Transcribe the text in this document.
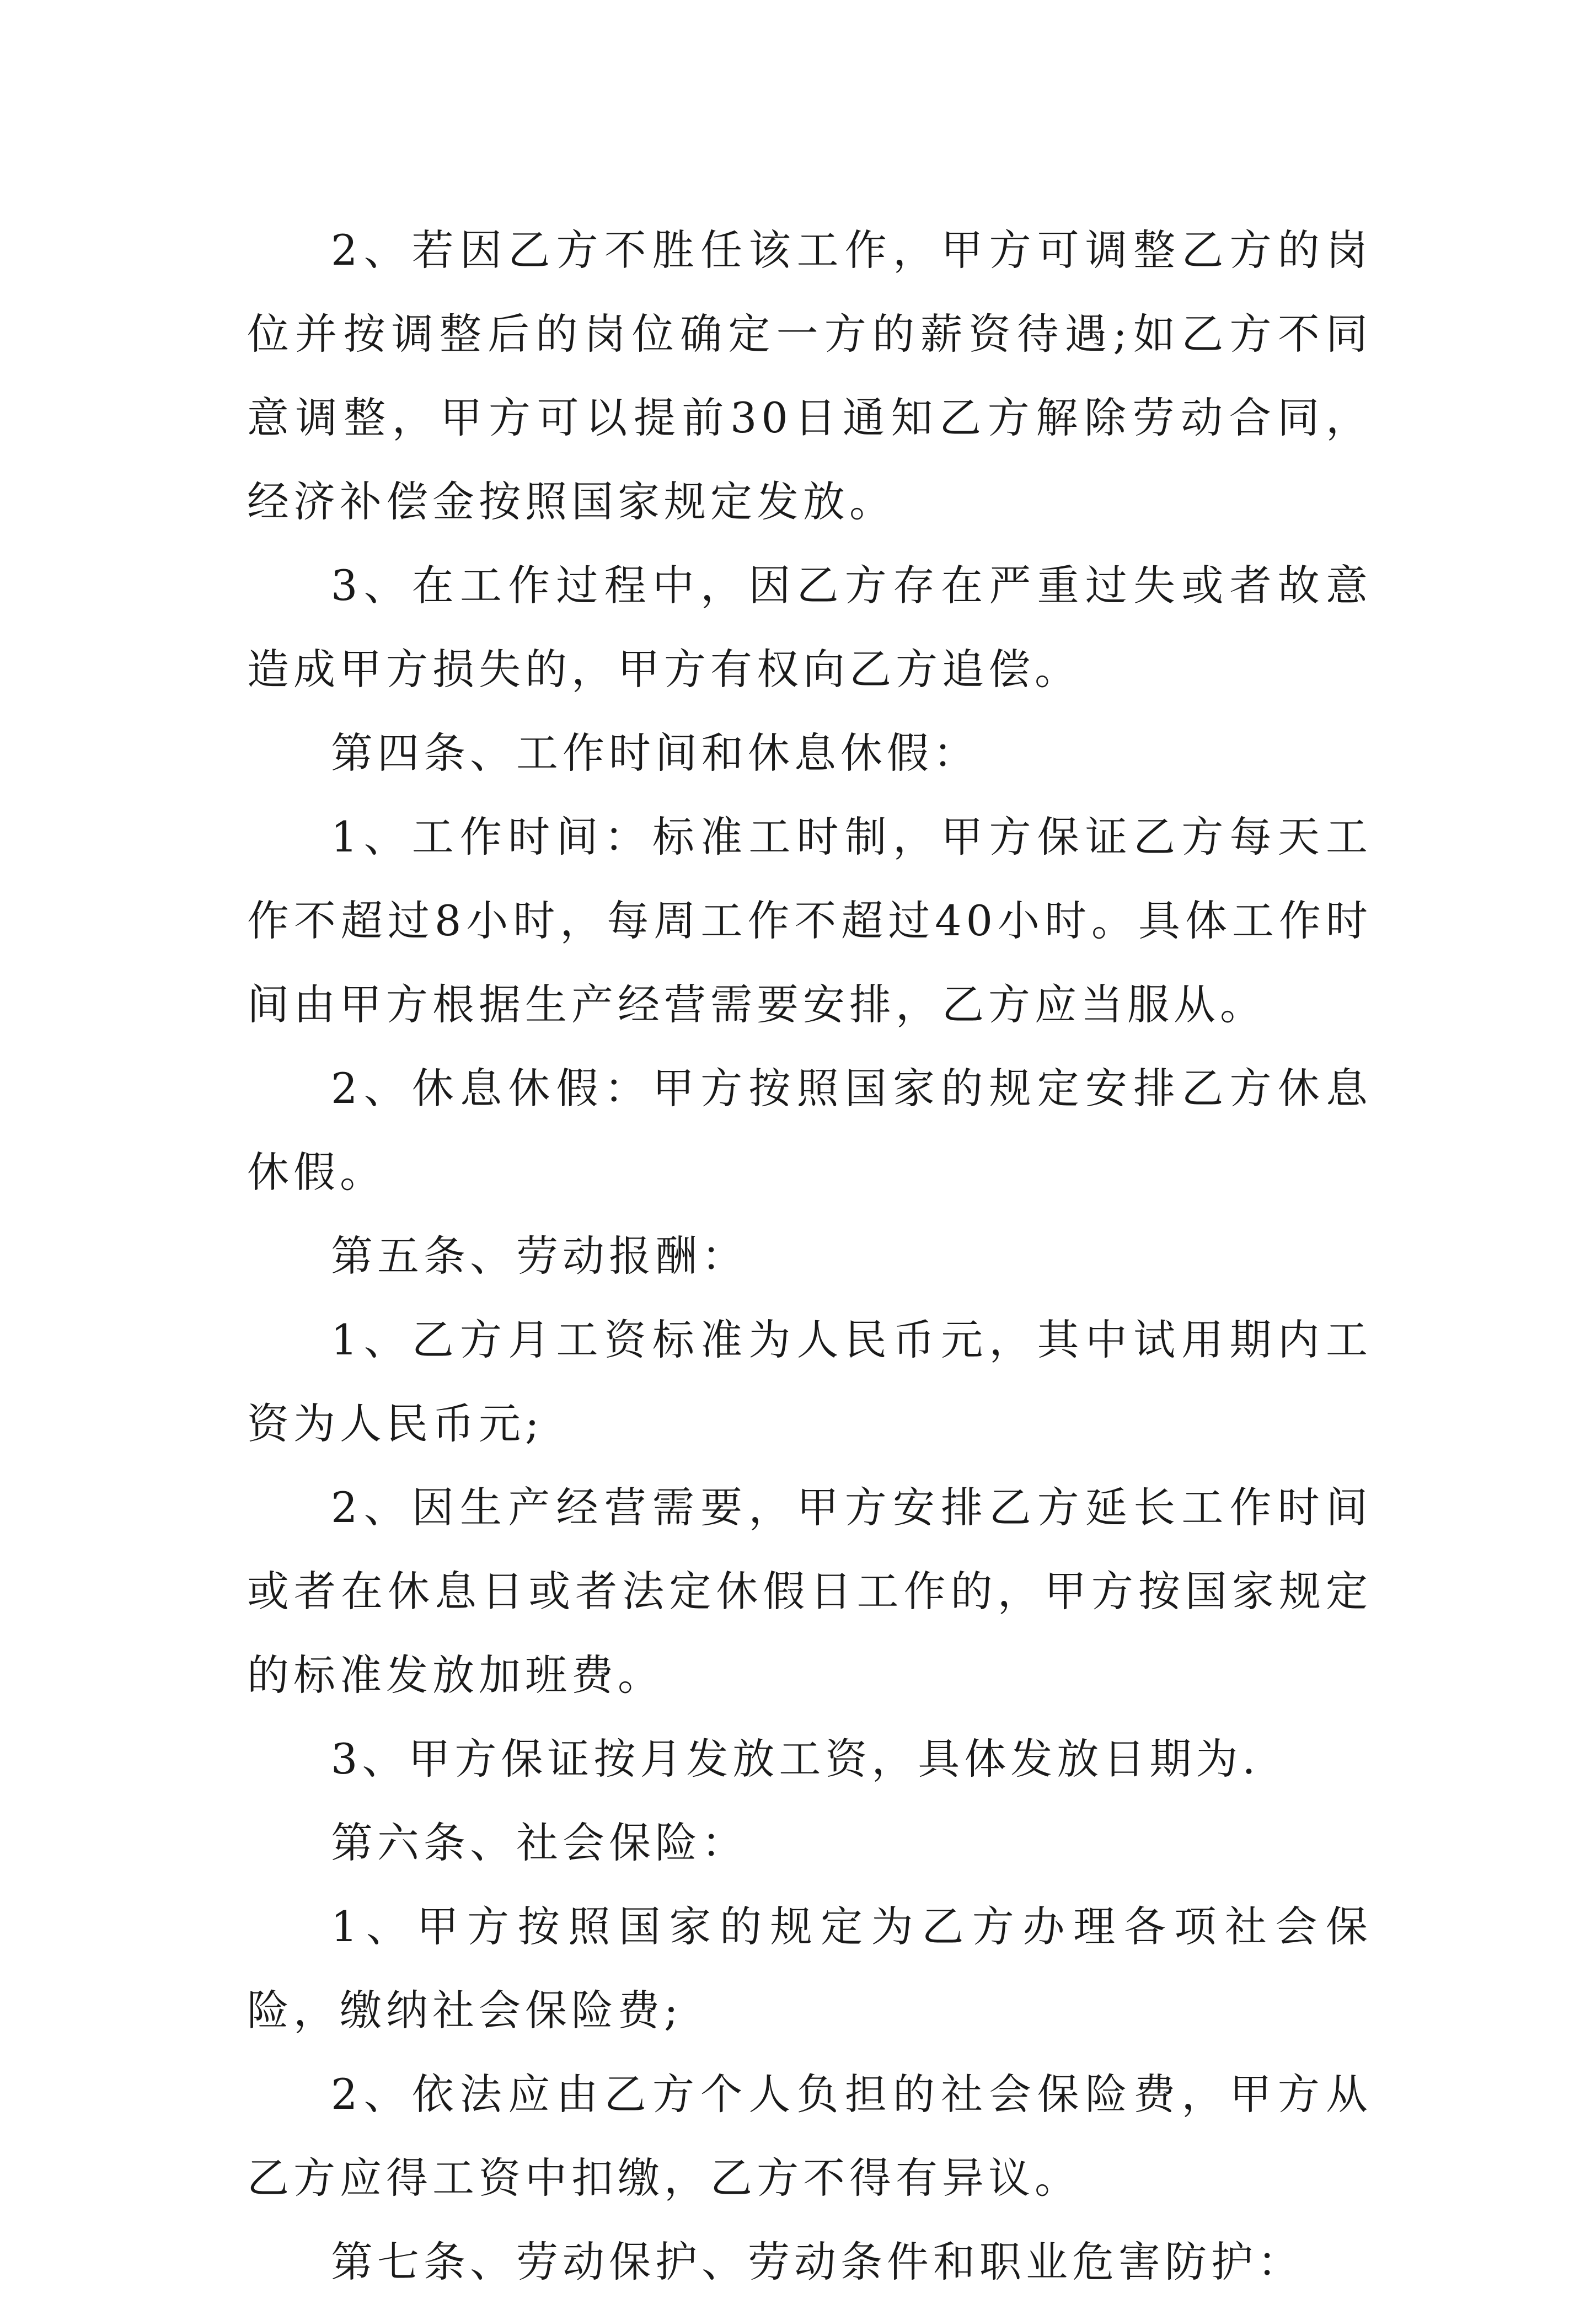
2、若因乙方不胜任该工作，甲方可调整乙方的岗位并按调整后的岗位确定一方的薪资待遇;如乙方不同意调整，甲方可以提前30日通知乙方解除劳动合同，经济补偿金按照国家规定发放。

3、在工作过程中，因乙方存在严重过失或者故意造成甲方损失的，甲方有权向乙方追偿。

第四条、工作时间和休息休假：

1、工作时间：标准工时制，甲方保证乙方每天工作不超过8小时，每周工作不超过40小时。具体工作时间由甲方根据生产经营需要安排，乙方应当服从。

2、休息休假：甲方按照国家的规定安排乙方休息休假。

第五条、劳动报酬：

1、乙方月工资标准为人民币元，其中试用期内工资为人民币元;

2、因生产经营需要，甲方安排乙方延长工作时间或者在休息日或者法定休假日工作的，甲方按国家规定的标准发放加班费。

3、甲方保证按月发放工资，具体发放日期为.

第六条、社会保险：

1、甲方按照国家的规定为乙方办理各项社会保险，缴纳社会保险费;

2、依法应由乙方个人负担的社会保险费，甲方从乙方应得工资中扣缴，乙方不得有异议。

第七条、劳动保护、劳动条件和职业危害防护：
